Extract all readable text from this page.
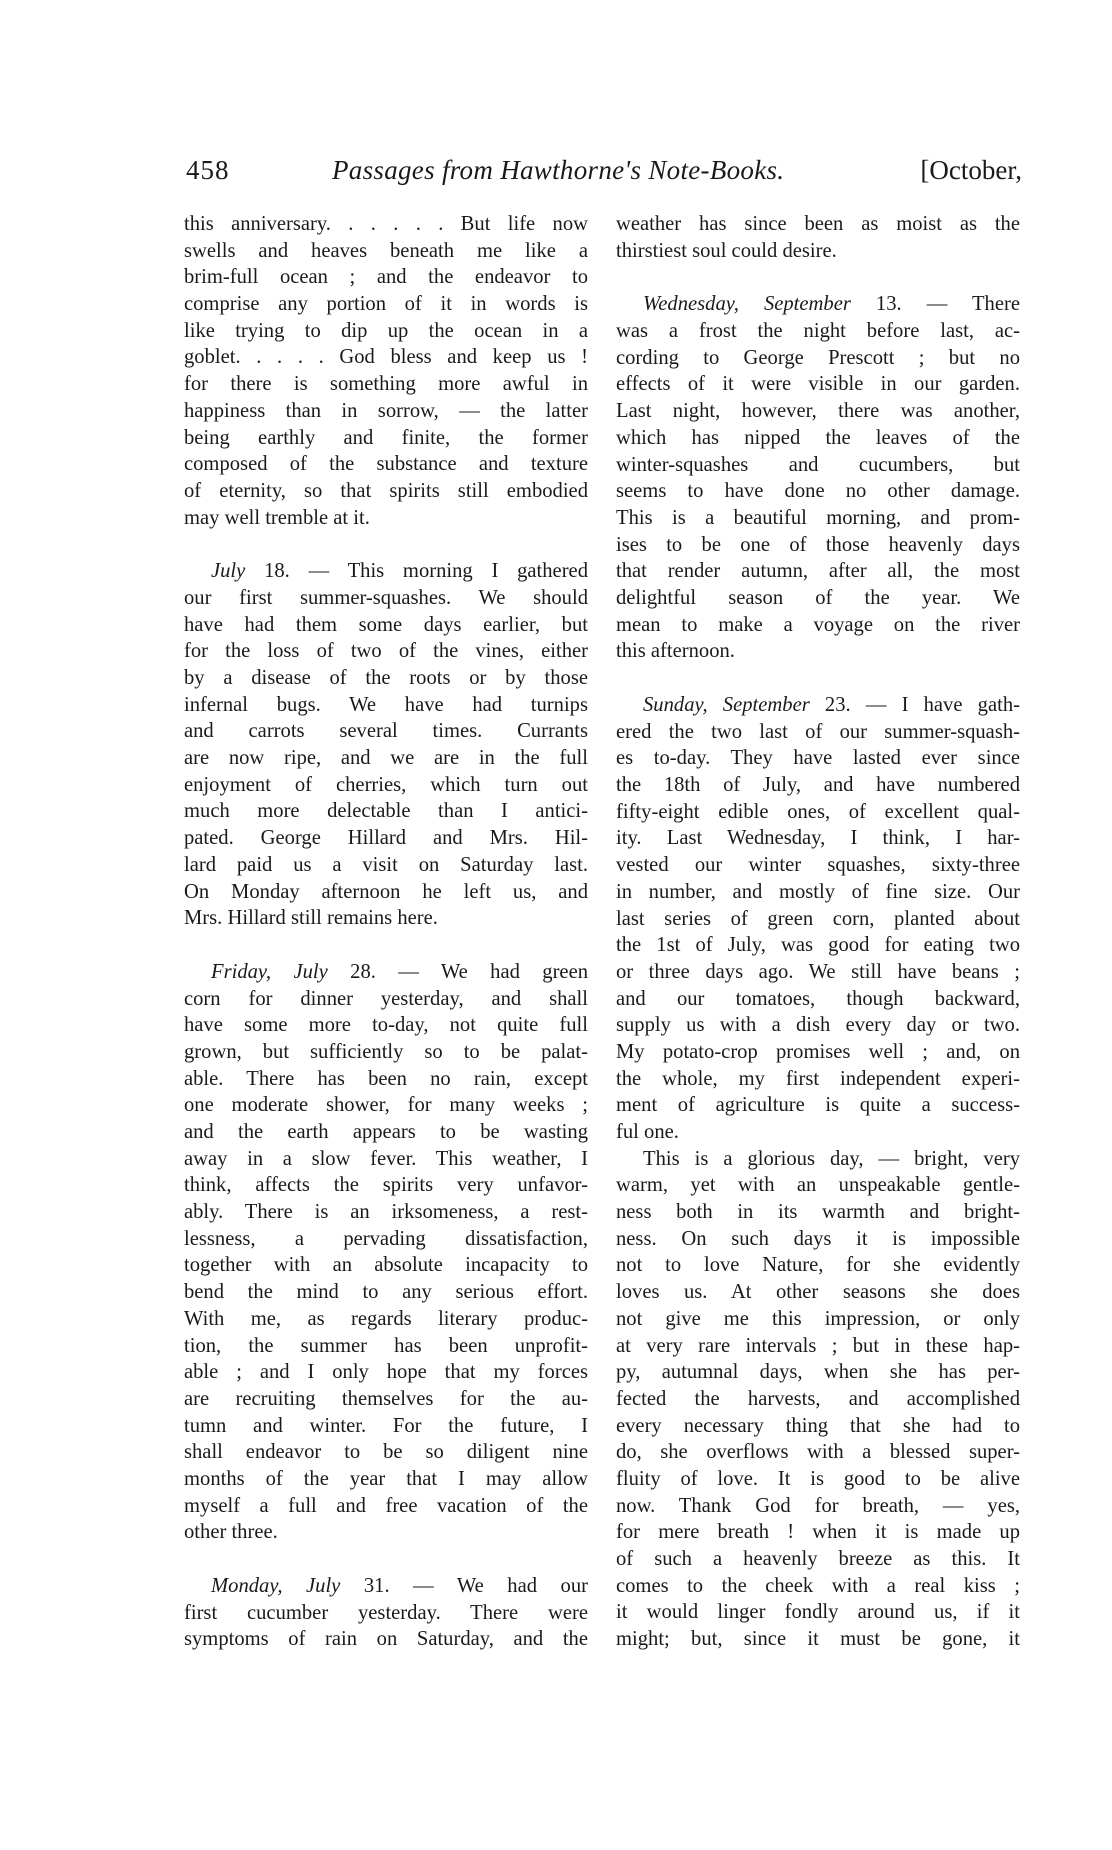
458	Passages from Hawthorne's Note-Books.	[October,
this anniversary. . . . . . But life now
swells and heaves beneath me like a
brim-full ocean ; and the endeavor to
comprise any portion of it in words is
like trying to dip up the ocean in a
goblet. . . . . God bless and keep us !
for there is something more awful in
happiness than in sorrow, — the latter
being earthly and finite, the former
composed of the substance and texture
of eternity, so that spirits still embodied
may well tremble at it.
July 18. — This morning I gathered
our first summer-squashes. We should
have had them some days earlier, but
for the loss of two of the vines, either
by a disease of the roots or by those
infernal bugs. We have had turnips
and carrots several times. Currants
are now ripe, and we are in the full
enjoyment of cherries, which turn out
much more delectable than I antici-
pated. George Hillard and Mrs. Hil-
lard paid us a visit on Saturday last.
On Monday afternoon he left us, and
Mrs. Hillard still remains here.
Friday, July 28. — We had green
corn for dinner yesterday, and shall
have some more to-day, not quite full
grown, but sufficiently so to be palat-
able. There has been no rain, except
one moderate shower, for many weeks ;
and the earth appears to be wasting
away in a slow fever. This weather, I
think, affects the spirits very unfavor-
ably. There is an irksomeness, a rest-
lessness, a pervading dissatisfaction,
together with an absolute incapacity to
bend the mind to any serious effort.
With me, as regards literary produc-
tion, the summer has been unprofit-
able ; and I only hope that my forces
are recruiting themselves for the au-
tumn and winter. For the future, I
shall endeavor to be so diligent nine
months of the year that I may allow
myself a full and free vacation of the
other three.
Monday, July 31. — We had our
first cucumber yesterday. There were
symptoms of rain on Saturday, and the
weather has since been as moist as the
thirstiest soul could desire.
Wednesday, September 13. — There
was a frost the night before last, ac-
cording to George Prescott ; but no
effects of it were visible in our garden.
Last night, however, there was another,
which has nipped the leaves of the
winter-squashes and cucumbers, but
seems to have done no other damage.
This is a beautiful morning, and prom-
ises to be one of those heavenly days
that render autumn, after all, the most
delightful season of the year. We
mean to make a voyage on the river
this afternoon.
Sunday, September 23. — I have gath-
ered the two last of our summer-squash-
es to-day. They have lasted ever since
the 18th of July, and have numbered
fifty-eight edible ones, of excellent qual-
ity. Last Wednesday, I think, I har-
vested our winter squashes, sixty-three
in number, and mostly of fine size. Our
last series of green corn, planted about
the 1st of July, was good for eating two
or three days ago. We still have beans ;
and our tomatoes, though backward,
supply us with a dish every day or two.
My potato-crop promises well ; and, on
the whole, my first independent experi-
ment of agriculture is quite a success-
ful one.
This is a glorious day, — bright, very
warm, yet with an unspeakable gentle-
ness both in its warmth and bright-
ness. On such days it is impossible
not to love Nature, for she evidently
loves us. At other seasons she does
not give me this impression, or only
at very rare intervals ; but in these hap-
py, autumnal days, when she has per-
fected the harvests, and accomplished
every necessary thing that she had to
do, she overflows with a blessed super-
fluity of love. It is good to be alive
now. Thank God for breath, — yes,
for mere breath ! when it is made up
of such a heavenly breeze as this. It
comes to the cheek with a real kiss ;
it would linger fondly around us, if it
might; but, since it must be gone, it
